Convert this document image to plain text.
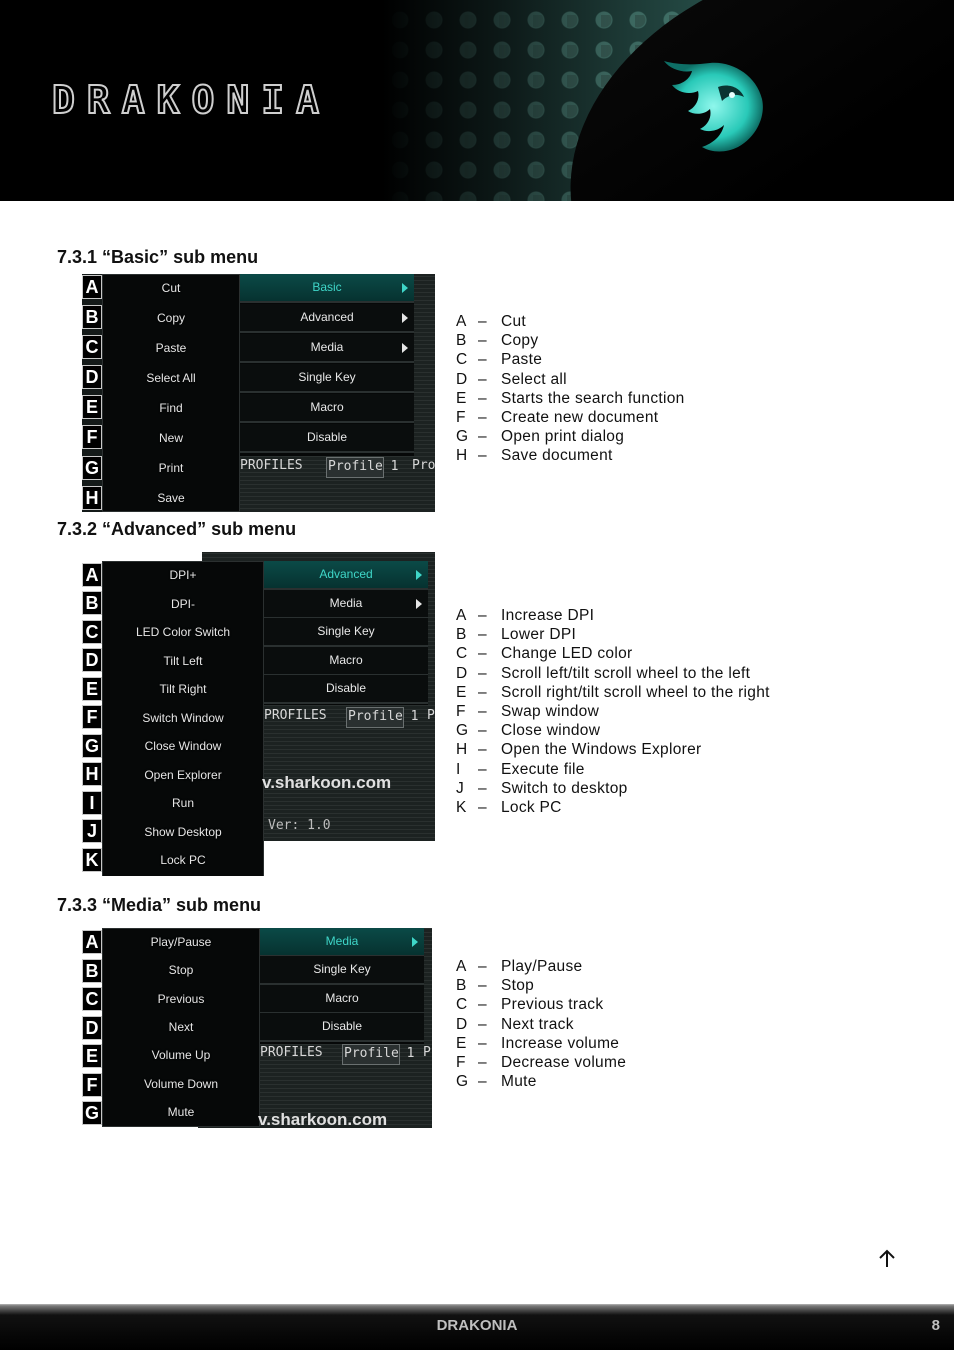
DRAKONIA
7.3.1 “Basic” sub menu
Cut
Copy
Paste
Select All
Find
New
Print
Save
A
B
C
D
E
F
G
H
Basic
Advanced
Media
Single Key
Macro
Disable
PROFILES Profile 1 Pro
A – Cut
B – Copy
C – Paste
D – Select all
E – Starts the search function
F – Create new document
G – Open print dialog
H – Save document
7.3.2 “Advanced” sub menu
DPI+
DPI-
LED Color Switch
Tilt Left
Tilt Right
Switch Window
Close Window
Open Explorer
Run
Show Desktop
Lock PC
A
B
C
D
E
F
G
H
I
J
K
Advanced
Media
Single Key
Macro
Disable
PROFILES Profile 1 P
v.sharkoon.com
Ver: 1.0
A – Increase DPI
B – Lower DPI
C – Change LED color
D – Scroll left/tilt scroll wheel to the left
E – Scroll right/tilt scroll wheel to the right
F – Swap window
G – Close window
H – Open the Windows Explorer
I – Execute file
J – Switch to desktop
K – Lock PC
7.3.3 “Media” sub menu
Play/Pause
Stop
Previous
Next
Volume Up
Volume Down
Mute
A
B
C
D
E
F
G
Media
Single Key
Macro
Disable
PROFILES Profile 1 P
v.sharkoon.com
A – Play/Pause
B – Stop
C – Previous track
D – Next track
E – Increase volume
F – Decrease volume
G – Mute
DRAKONIA	8
